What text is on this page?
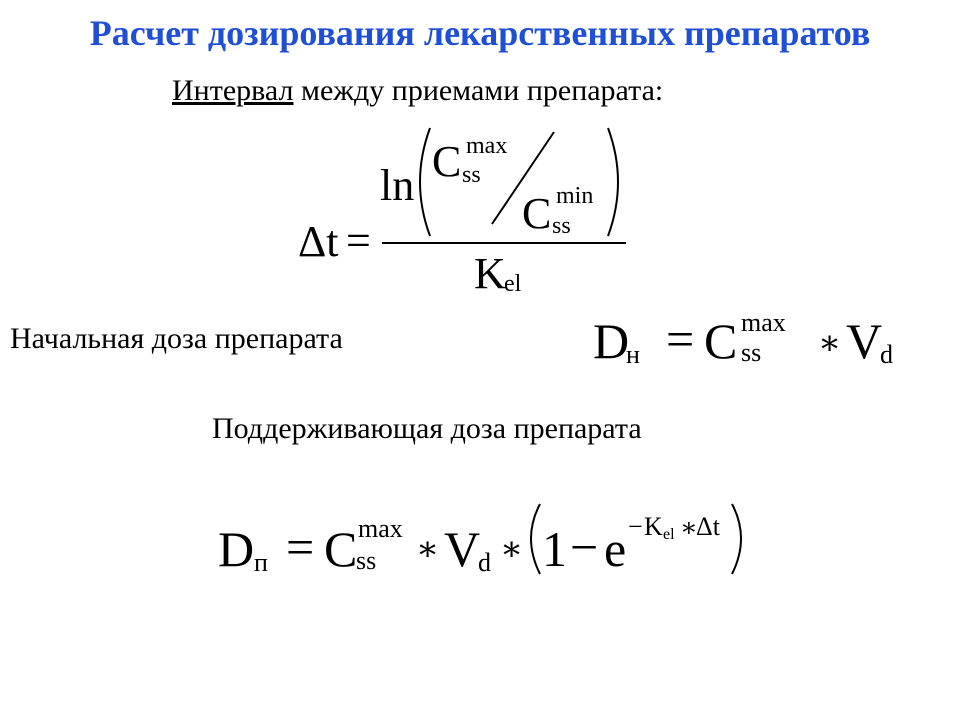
Расчет дозирования лекарственных препаратов
Интервал между приемами препарата:
Δt =
ln C max
ss
C min
ss
K
el
Начальная доза препарата	D
н = C max
ss ∗ V
d
Поддерживающая доза препарата
D п = C max
ss ∗ V
d ∗ 1 − e − K el ∗
Δt
